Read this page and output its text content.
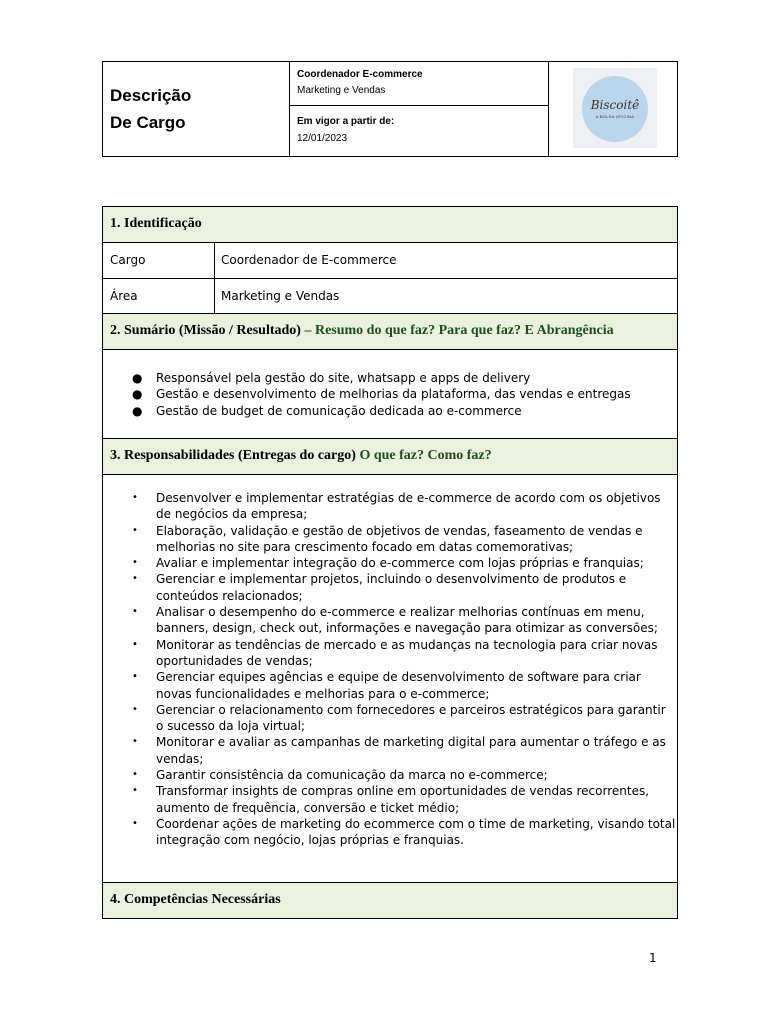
Descrição
De Cargo
Coordenador E-commerce
Marketing e Vendas
Em vigor a partir de:
12/01/2023
Biscoitê
A BOLSA OFICINA
1. Identificação
Cargo	Coordenador de E-commerce
Área	Marketing e Vendas
2. Sumário (Missão / Resultado) – Resumo do que faz? Para que faz? E Abrangência
● Responsável pela gestão do site, whatsapp e apps de delivery
● Gestão e desenvolvimento de melhorias da plataforma, das vendas e entregas
● Gestão de budget de comunicação dedicada ao e-commerce
3. Responsabilidades (Entregas do cargo) O que faz? Como faz?
• Desenvolver e implementar estratégias de e-commerce de acordo com os objetivos de negócios da empresa;
• Elaboração, validação e gestão de objetivos de vendas, faseamento de vendas e melhorias no site para crescimento focado em datas comemorativas;
• Avaliar e implementar integração do e-commerce com lojas próprias e franquias;
• Gerenciar e implementar projetos, incluindo o desenvolvimento de produtos e conteúdos relacionados;
• Analisar o desempenho do e-commerce e realizar melhorias contínuas em menu, banners, design, check out, informações e navegação para otimizar as conversões;
• Monitorar as tendências de mercado e as mudanças na tecnologia para criar novas oportunidades de vendas;
• Gerenciar equipes agências e equipe de desenvolvimento de software para criar novas funcionalidades e melhorias para o e-commerce;
• Gerenciar o relacionamento com fornecedores e parceiros estratégicos para garantir o sucesso da loja virtual;
• Monitorar e avaliar as campanhas de marketing digital para aumentar o tráfego e as vendas;
• Garantir consistência da comunicação da marca no e-commerce;
• Transformar insights de compras online em oportunidades de vendas recorrentes, aumento de frequência, conversão e ticket médio;
• Coordenar ações de marketing do ecommerce com o time de marketing, visando total integração com negócio, lojas próprias e franquias.
4. Competências Necessárias
1
